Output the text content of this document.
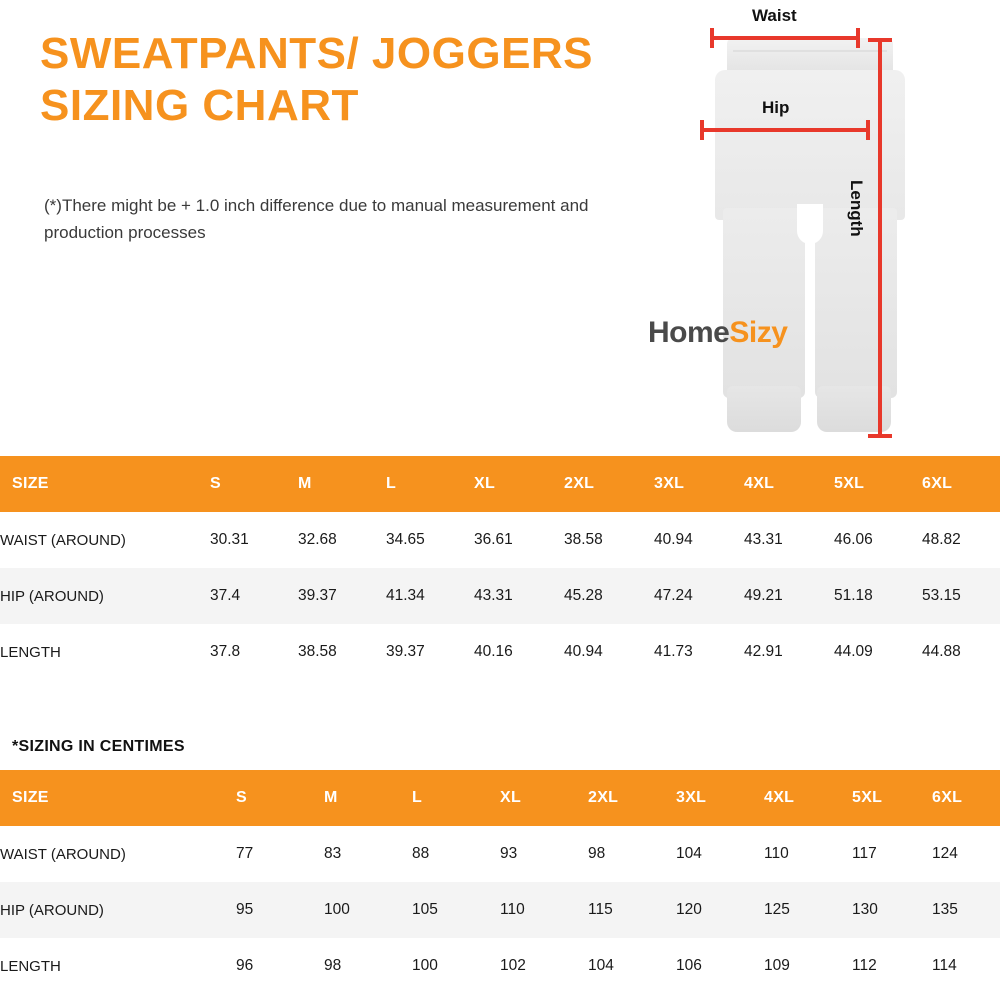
SWEATPANTS/ JOGGERS SIZING CHART
(*)There might be + 1.0 inch difference due to manual measurement and production processes
Waist
Hip
Length
HomeSizy
SIZE	S	M	L	XL	2XL	3XL	4XL	5XL	6XL
WAIST (AROUND)	30.31	32.68	34.65	36.61	38.58	40.94	43.31	46.06	48.82
HIP (AROUND)	37.4	39.37	41.34	43.31	45.28	47.24	49.21	51.18	53.15
LENGTH	37.8	38.58	39.37	40.16	40.94	41.73	42.91	44.09	44.88
*SIZING IN CENTIMES
SIZE	S	M	L	XL	2XL	3XL	4XL	5XL	6XL
WAIST (AROUND)	77	83	88	93	98	104	110	117	124
HIP (AROUND)	95	100	105	110	115	120	125	130	135
LENGTH	96	98	100	102	104	106	109	112	114
